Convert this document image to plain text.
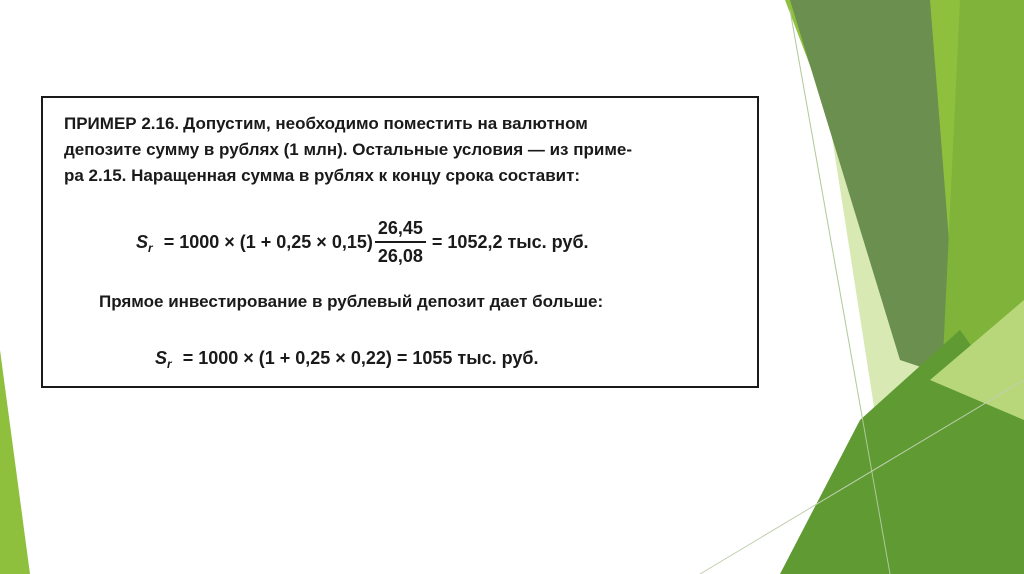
ПРИМЕР 2.16. Допустим, необходимо поместить на валютном
депозите сумму в рублях (1 млн). Остальные условия — из приме-
ра 2.15. Наращенная сумма в рублях к концу срока составит:
S $r = 1000 \times (1 + 0,25 \times 0,15) \frac{26,45}{26,08} = 1052,2$ тыс. руб.
Прямое инвестирование в рублевый депозит дает больше:
S r = 1000 × (1 + 0,25 × 0,22) = 1055 тыс. руб.
